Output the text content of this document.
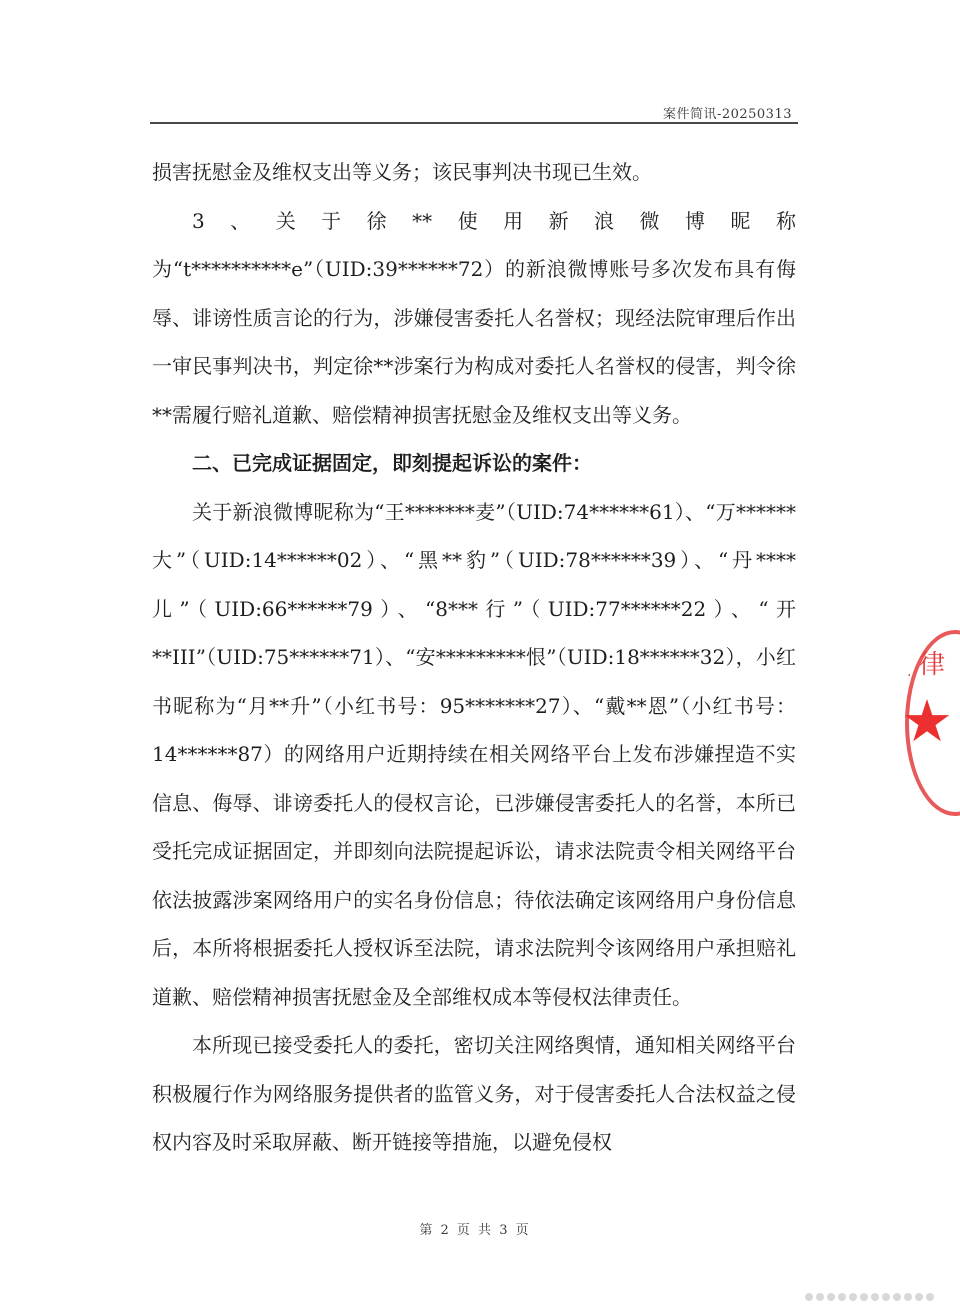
案件简讯-20250313

损害抚慰金及维权支出等义务；该民事判决书现已生效。

3、关于徐**使用新浪微博昵称为“t**********e”（UID:39******72）的新浪微博账号多次发布具有侮辱、诽谤性质言论的行为，涉嫌侵害委托人名誉权；现经法院审理后作出一审民事判决书，判定徐**涉案行为构成对委托人名誉权的侵害，判令徐**需履行赔礼道歉、赔偿精神损害抚慰金及维权支出等义务。

二、已完成证据固定，即刻提起诉讼的案件：

关于新浪微博昵称为“王*******麦”（UID:74******61）、“万******大”（UID:14******02）、“黑**豹”（UID:78******39）、“丹****儿”（UID:66******79）、“8***行”（UID:77******22）、“开**III”（UID:75******71）、“安*********恨”（UID:18******32），小红书昵称为“月**升”（小红书号：95*******27）、“戴**恩”（小红书号：14******87）的网络用户近期持续在相关网络平台上发布涉嫌捏造不实信息、侮辱、诽谤委托人的侵权言论，已涉嫌侵害委托人的名誉，本所已受托完成证据固定，并即刻向法院提起诉讼，请求法院责令相关网络平台依法披露涉案网络用户的实名身份信息；待依法确定该网络用户身份信息后，本所将根据委托人授权诉至法院，请求法院判令该网络用户承担赔礼道歉、赔偿精神损害抚慰金及全部维权成本等侵权法律责任。

本所现已接受委托人的委托，密切关注网络舆情，通知相关网络平台积极履行作为网络服务提供者的监管义务，对于侵害委托人合法权益之侵权内容及时采取屏蔽、断开链接等措施，以避免侵权

第 2 页 共 3 页
· 律
★
